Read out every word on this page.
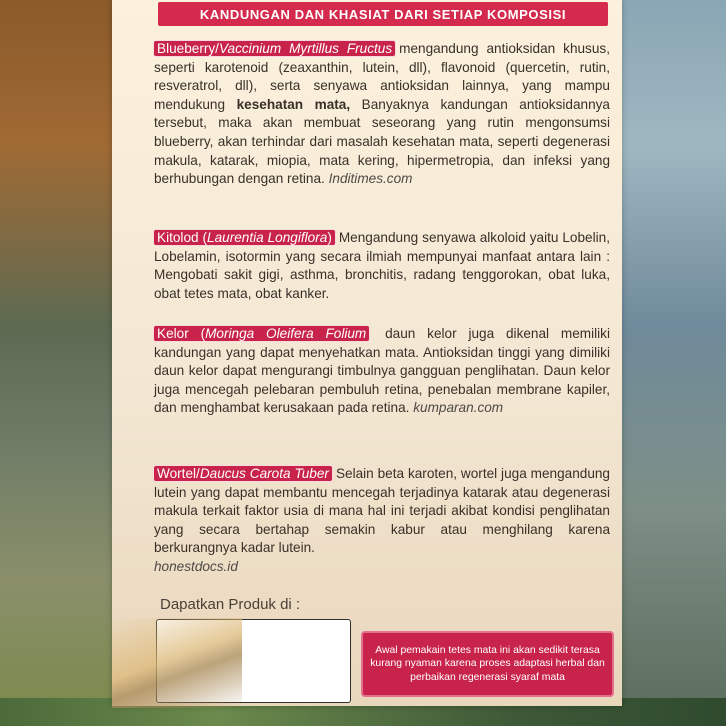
KANDUNGAN DAN KHASIAT DARI SETIAP KOMPOSISI
Blueberry/Vaccinium Myrtillus Fructus mengandung antioksidan khusus, seperti karotenoid (zeaxanthin, lutein, dll), flavonoid (quercetin, rutin, resveratrol, dll), serta senyawa antioksidan lainnya, yang mampu mendukung kesehatan mata, Banyaknya kandungan antioksidannya tersebut, maka akan membuat seseorang yang rutin mengonsumsi blueberry, akan terhindar dari masalah kesehatan mata, seperti degenerasi makula, katarak, miopia, mata kering, hipermetropia, dan infeksi yang berhubungan dengan retina. Inditimes.com
Kitolod (Laurentia Longiflora) Mengandung senyawa alkoloid yaitu Lobelin, Lobelamin, isotormin yang secara ilmiah mempunyai manfaat antara lain : Mengobati sakit gigi, asthma, bronchitis, radang tenggorokan, obat luka, obat tetes mata, obat kanker.
Kelor (Moringa Oleifera Folium daun kelor juga dikenal memiliki kandungan yang dapat menyehatkan mata. Antioksidan tinggi yang dimiliki daun kelor dapat mengurangi timbulnya gangguan penglihatan. Daun kelor juga mencegah pelebaran pembuluh retina, penebalan membrane kapiler, dan menghambat kerusakaan pada retina. kumparan.com
Wortel/Daucus Carota Tuber Selain beta karoten, wortel juga mengandung lutein yang dapat membantu mencegah terjadinya katarak atau degenerasi makula terkait faktor usia di mana hal ini terjadi akibat kondisi penglihatan yang secara bertahap semakin kabur atau menghilang karena berkurangnya kadar lutein.
honestdocs.id
Dapatkan Produk di :
Awal pemakain tetes mata ini akan sedikit terasa kurang nyaman karena proses adaptasi herbal dan perbaikan regenerasi syaraf mata
